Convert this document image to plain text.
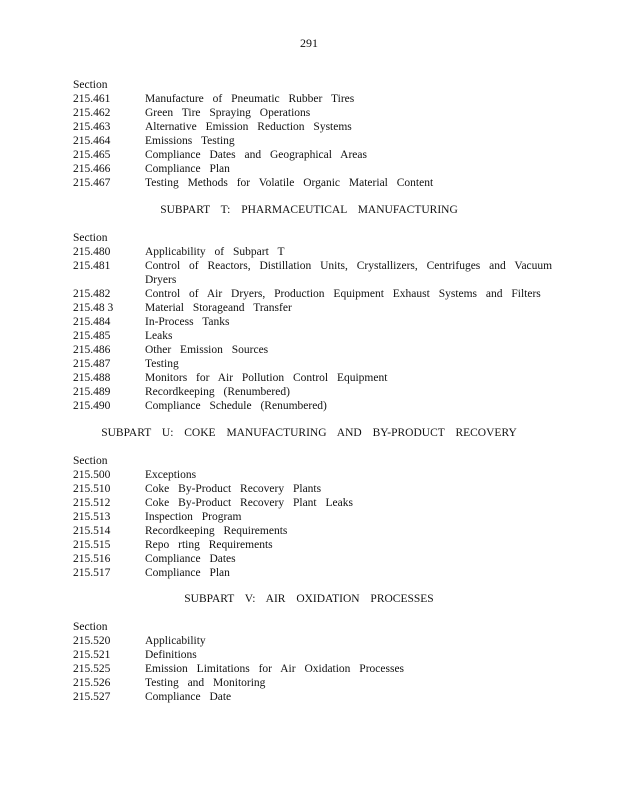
291
Section
215.461	Manufacture of Pneumatic Rubber Tires
215.462	Green Tire Spraying Operations
215.463	Alternative Emission Reduction Systems
215.464	Emissions Testing
215.465	Compliance Dates and Geographical Areas
215.466	Compliance Plan
215.467	Testing Methods for Volatile Organic Material Content
SUBPART T: PHARMACEUTICAL MANUFACTURING
Section
215.480	Applicability of Subpart T
215.481	Control of Reactors, Distillation Units, Crystallizers, Centrifuges and Vacuum Dryers
215.482	Control of Air Dryers, Production Equipment Exhaust Systems and Filters
215.48 3	Material Storageand Transfer
215.484	In-Process Tanks
215.485	Leaks
215.486	Other Emission Sources
215.487	Testing
215.488	Monitors for Air Pollution Control Equipment
215.489	Recordkeeping (Renumbered)
215.490	Compliance Schedule (Renumbered)
SUBPART U: COKE MANUFACTURING AND BY-PRODUCT RECOVERY
Section
215.500	Exceptions
215.510	Coke By-Product Recovery Plants
215.512	Coke By-Product Recovery Plant Leaks
215.513	Inspection Program
215.514	Recordkeeping Requirements
215.515	Repo rting Requirements
215.516	Compliance Dates
215.517	Compliance Plan
SUBPART V: AIR OXIDATION PROCESSES
Section
215.520	Applicability
215.521	Definitions
215.525	Emission Limitations for Air Oxidation Processes
215.526	Testing and Monitoring
215.527	Compliance Date
